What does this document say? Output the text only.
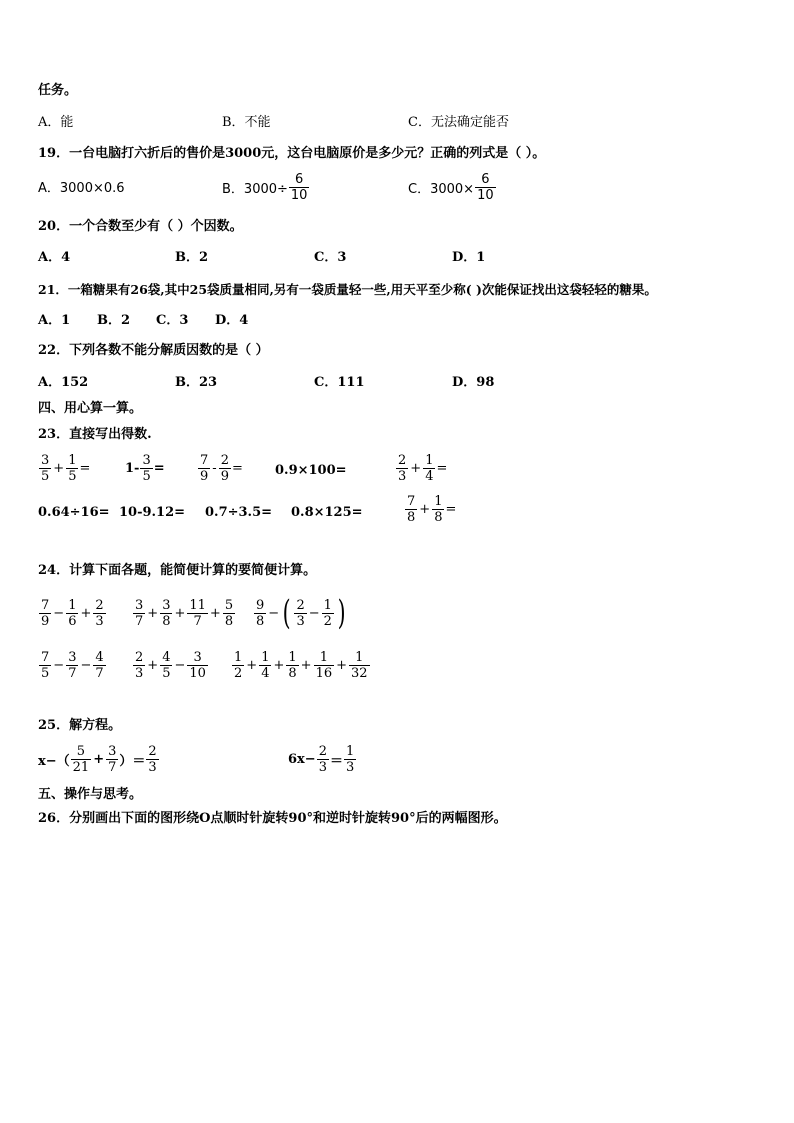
任务。
A．能	B．不能	C．无法确定能否
19．一台电脑打六折后的售价是3000元，这台电脑原价是多少元？正确的列式是（ ）。
A．3000×0.6	B．$3000\div \frac{6}{10}$	C．$3000\times \frac{6}{10}$
20．一个合数至少有（ ）个因数。
A．4	B．2	C．3	D．1
21．一箱糖果有26袋,其中25袋质量相同,另有一袋质量轻一些,用天平至少称( )次能保证找出这袋轻轻的糖果。
A．1 B．2 C．3 D．4
22．下列各数不能分解质因数的是（ ）
A．152	B．23	C．111	D．98
四、用心算一算。
23．直接写出得数.
$\frac{3}{5} + \frac{1}{5}$ =	$1- \frac{3}{5}$ =	$\frac{7}{9} - \frac{2}{9} = 0.9\times 100=$	$\frac{2}{3} + \frac{1}{4}$ =
0.64÷16= 10-9.12= 0.7÷3.5= 0.8×125=	$\frac{7}{8} + \frac{1}{8}$ =
24．计算下面各题，能简便计算的要简便计算。
$\frac{7}{9} - \frac{1}{6} + \frac{2}{3} \frac{3}{7} + \frac{3}{8} + \frac{11}{7} + \frac{5}{8} \frac{9}{8}$ − ( $\frac{2}{3} - \frac{1}{2}$ )
$\frac{7}{5} - \frac{3}{7} - \frac{4}{7} \frac{2}{3} + \frac{4}{5} - \frac{3}{10} \frac{1}{2} + \frac{1}{4} + \frac{1}{8} + \frac{1}{16} + \frac{1}{32}$
25．解方程。
$x-( \frac{5}{21} + \frac{3}{7}$ ）＝ $\frac{2}{3}$	$6x- \frac{2}{3} = \frac{1}{3}$
五、操作与思考。
26．分别画出下面的图形绕O点顺时针旋转90°和逆时针旋转90°后的两幅图形。
